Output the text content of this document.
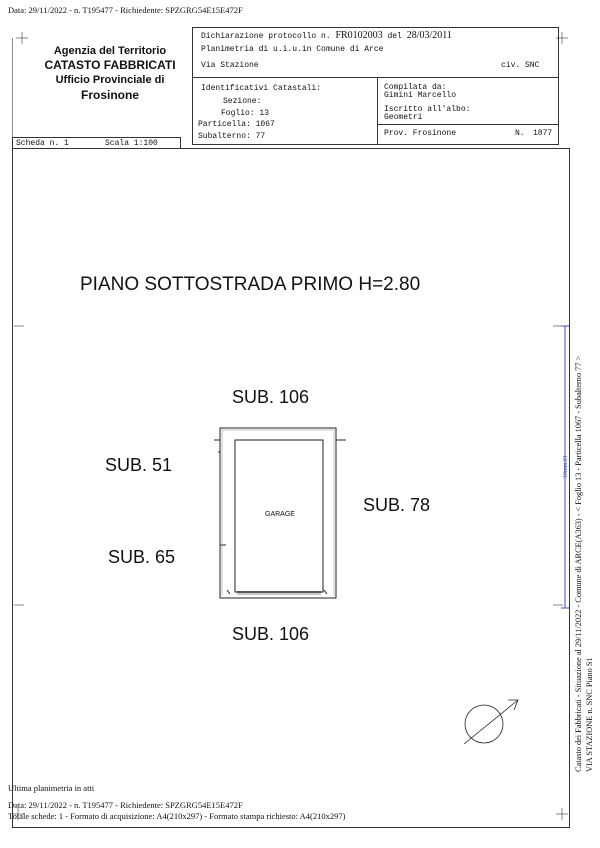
Data: 29/11/2022 - n. T195477 - Richiedente: SPZGRG54E15E472F
Agenzia del Territorio
CATASTO FABBRICATI
Ufficio Provinciale di
Frosinone
Dichiarazione protocollo n. FR0102003 del 28/03/2011
Planimetria di u.i.u.in Comune di Arce
Via Stazione	civ. SNC
Identificativi Catastali:
Sezione:
Foglio: 13
Particella: 1067
Subalterno: 77
Compilata da:
Gimini Marcello
Iscritto all'albo:
Geometri
Prov. Frosinone	N. 1877
Scheda n. 1	Scala 1:100
PIANO SOTTOSTRADA PRIMO H=2.80
SUB. 106
SUB. 51
SUB. 65
SUB. 78
SUB. 106
GARAGE
10mm.01 Catasto dei Fabbricati - Situazione al 29/11/2022 - Comune di ARCE(A363) - < Foglio 13 - Particella 1067 - Subalterno 77 > VIA STAZIONE n. SNC Piano S1
Ultima planimetria in atti
Data: 29/11/2022 - n. T195477 - Richiedente: SPZGRG54E15E472F
Totale schede: 1 - Formato di acquisizione: A4(210x297) - Formato stampa richiesto: A4(210x297)
